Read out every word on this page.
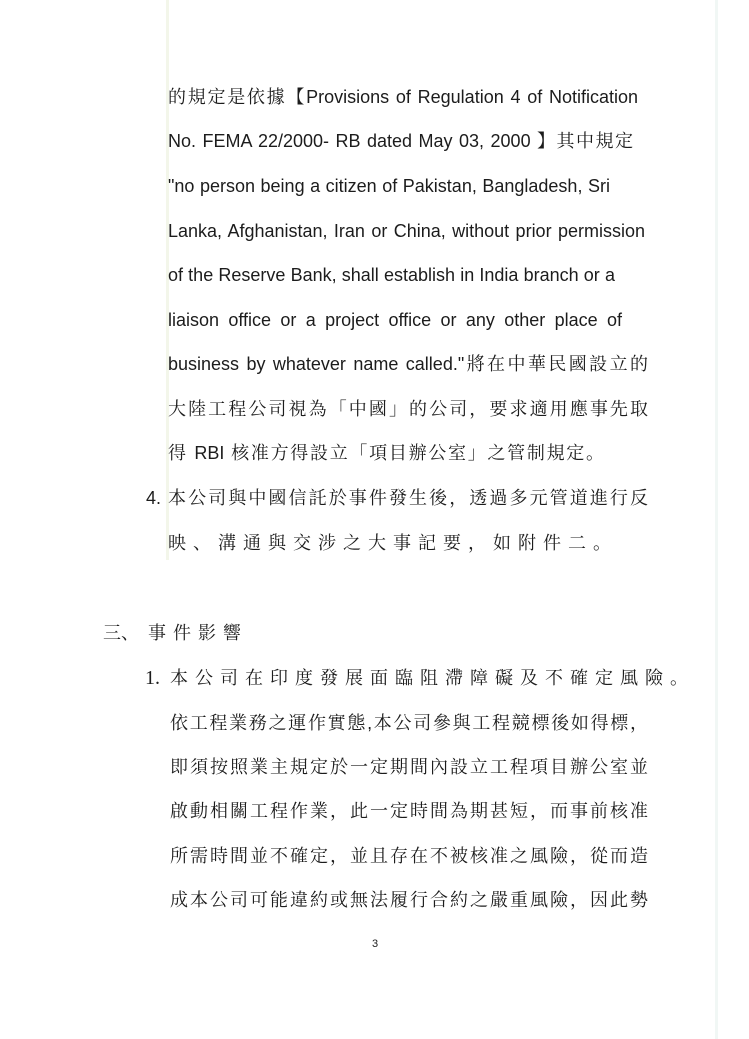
的規定是依據【Provisions of Regulation 4 of Notification
No. FEMA 22/2000- RB dated May 03, 2000 】其中規定
"no person being a citizen of Pakistan, Bangladesh, Sri
Lanka, Afghanistan, Iran or China, without prior permission
of the Reserve Bank, shall establish in India branch or a
liaison office or a project office or any other place of
business by whatever name called."將在中華民國設立的
大陸工程公司視為「中國」的公司，要求適用應事先取
得 RBI 核准方得設立「項目辦公室」之管制規定。
4. 本公司與中國信託於事件發生後，透過多元管道進行反
映、溝通與交涉之大事記要，如附件二。
三、 事件影響
1. 本公司在印度發展面臨阻滯障礙及不確定風險。
依工程業務之運作實態,本公司參與工程競標後如得標，
即須按照業主規定於一定期間內設立工程項目辦公室並
啟動相關工程作業，此一定時間為期甚短，而事前核准
所需時間並不確定，並且存在不被核准之風險，從而造
成本公司可能違約或無法履行合約之嚴重風險，因此勢
3
